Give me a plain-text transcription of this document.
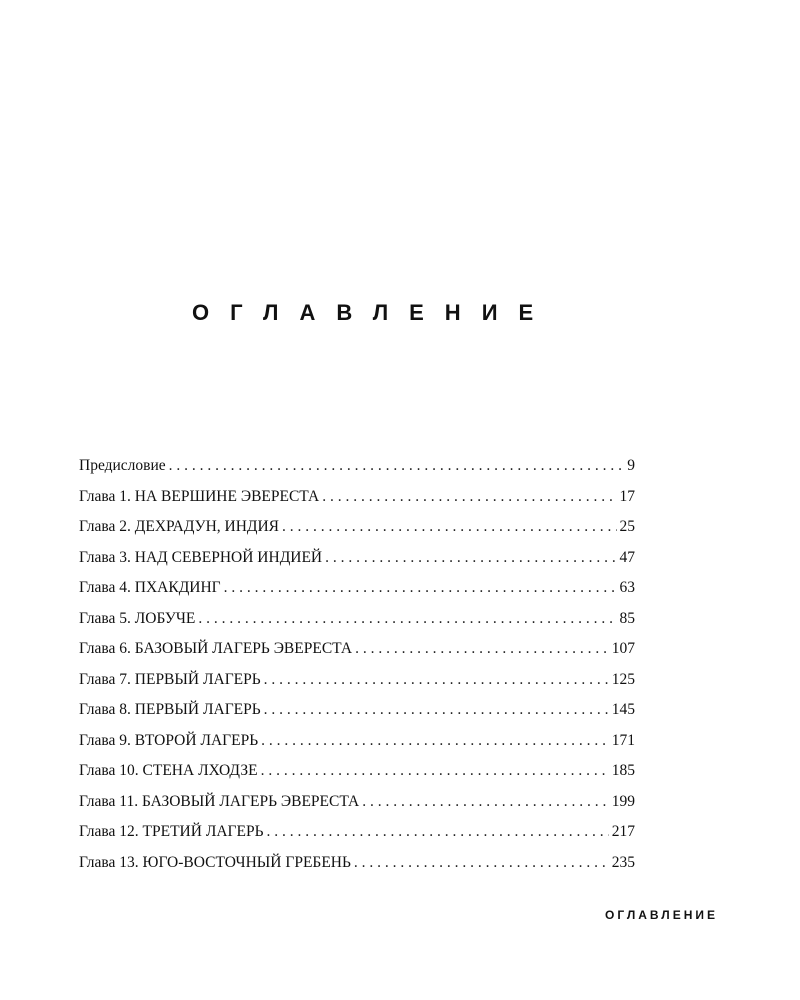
ОГЛАВЛЕНИЕ
Предисловие . . .	9
Глава 1. НА ВЕРШИНЕ ЭВЕРЕСТА . . .	17
Глава 2. ДЕХРАДУН, ИНДИЯ . . .	25
Глава 3. НАД СЕВЕРНОЙ ИНДИЕЙ . . .	47
Глава 4. ПХАКДИНГ . . .	63
Глава 5. ЛОБУЧЕ . . .	85
Глава 6. БАЗОВЫЙ ЛАГЕРЬ ЭВЕРЕСТА . . .	107
Глава 7. ПЕРВЫЙ ЛАГЕРЬ . . .	125
Глава 8. ПЕРВЫЙ ЛАГЕРЬ . . .	145
Глава 9. ВТОРОЙ ЛАГЕРЬ . . .	171
Глава 10. СТЕНА ЛХОДЗЕ . . .	185
Глава 11. БАЗОВЫЙ ЛАГЕРЬ ЭВЕРЕСТА . . .	199
Глава 12. ТРЕТИЙ ЛАГЕРЬ . . .	217
Глава 13. ЮГО-ВОСТОЧНЫЙ ГРЕБЕНЬ . . .	235
ОГЛАВЛЕНИЕ
